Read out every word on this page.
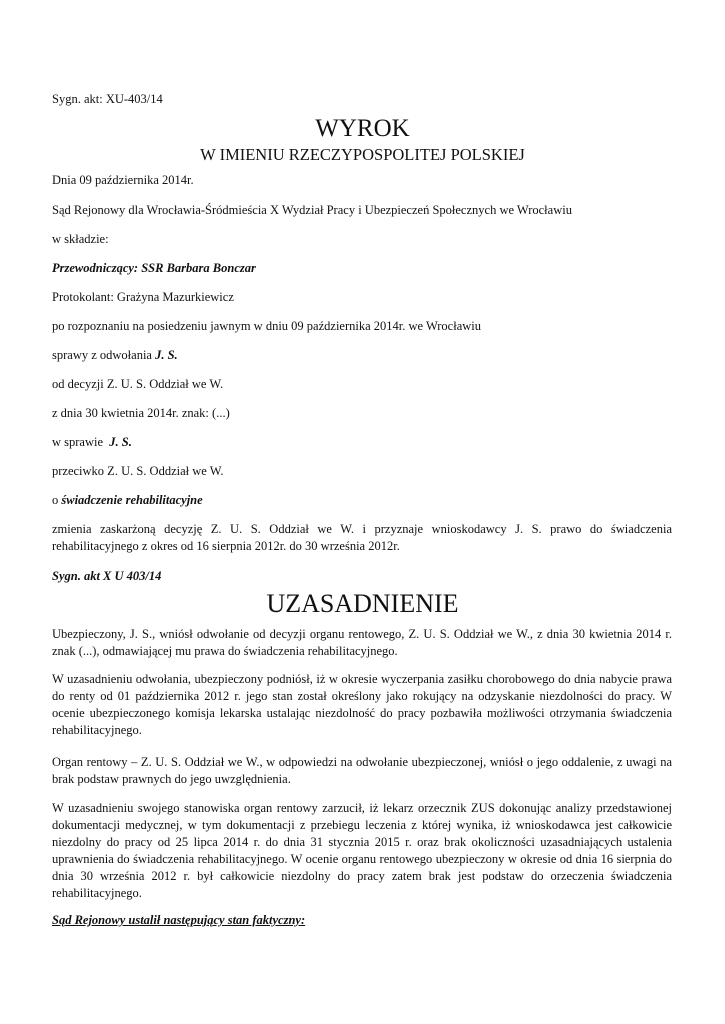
Sygn. akt: XU-403/14
WYROK
W IMIENIU RZECZYPOSPOLITEJ POLSKIEJ
Dnia 09 października 2014r.
Sąd Rejonowy dla Wrocławia-Śródmieścia X Wydział Pracy i Ubezpieczeń Społecznych we Wrocławiu
w składzie:
Przewodniczący: SSR Barbara Bonczar
Protokolant: Grażyna Mazurkiewicz
po rozpoznaniu na posiedzeniu jawnym w dniu 09 października 2014r. we Wrocławiu
sprawy z odwołania J. S.
od decyzji Z. U. S. Oddział we W.
z dnia 30 kwietnia 2014r. znak: (...)
w sprawie  J. S.
przeciwko Z. U. S. Oddział we W.
o świadczenie rehabilitacyjne
zmienia zaskarżoną decyzję Z. U. S. Oddział we W. i przyznaje wnioskodawcy J. S. prawo do świadczenia rehabilitacyjnego z okres od 16 sierpnia 2012r. do 30 września 2012r.
Sygn. akt X U 403/14
UZASADNIENIE
Ubezpieczony, J. S., wniósł odwołanie od decyzji organu rentowego, Z. U. S. Oddział we W., z dnia 30 kwietnia 2014 r. znak (...), odmawiającej mu prawa do świadczenia rehabilitacyjnego.
W uzasadnieniu odwołania, ubezpieczony podniósł, iż w okresie wyczerpania zasiłku chorobowego do dnia nabycie prawa do renty od 01 października 2012 r. jego stan został określony jako rokujący na odzyskanie niezdolności do pracy. W ocenie ubezpieczonego komisja lekarska ustalając niezdolność do pracy pozbawiła możliwości otrzymania świadczenia rehabilitacyjnego.
Organ rentowy – Z. U. S. Oddział we W., w odpowiedzi na odwołanie ubezpieczonej, wniósł o jego oddalenie, z uwagi na brak podstaw prawnych do jego uwzględnienia.
W uzasadnieniu swojego stanowiska organ rentowy zarzucił, iż lekarz orzecznik ZUS dokonując analizy przedstawionej dokumentacji medycznej, w tym dokumentacji z przebiegu leczenia z której wynika, iż wnioskodawca jest całkowicie niezdolny do pracy od 25 lipca 2014 r. do dnia 31 stycznia 2015 r. oraz brak okoliczności uzasadniających ustalenia uprawnienia do świadczenia rehabilitacyjnego. W ocenie organu rentowego ubezpieczony w okresie od dnia 16 sierpnia do dnia 30 września 2012 r. był całkowicie niezdolny do pracy zatem brak jest podstaw do orzeczenia świadczenia rehabilitacyjnego.
Sąd Rejonowy ustalił następujący stan faktyczny:
